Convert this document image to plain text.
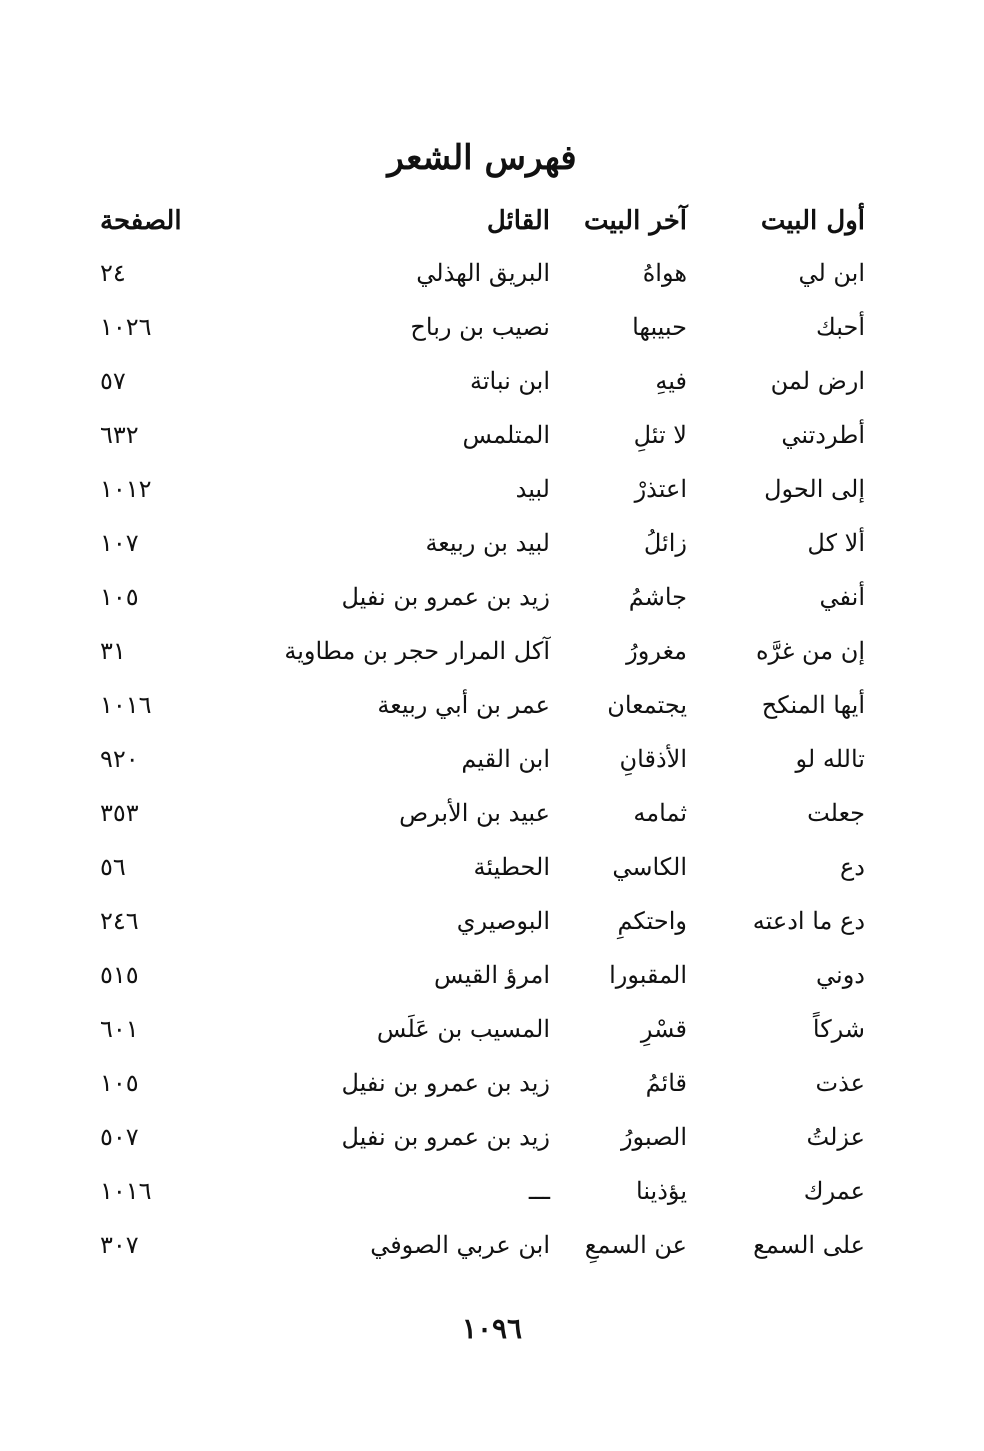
فهرس الشعر
أول البيت
آخر البيت
القائل
الصفحة
ابن لي
هواهُ
البريق الهذلي
٢٤
أحبك
حبيبها
نصيب بن رباح
١٠٢٦
ارض لمن
فيهِ
ابن نباتة
٥٧
أطردتني
لا تئلِ
المتلمس
٦٣٢
إلى الحول
اعتذرْ
لبيد
١٠١٢
ألا كل
زائلُ
لبيد بن ربيعة
١٠٧
أنفي
جاشمُ
زيد بن عمرو بن نفيل
١٠٥
إن من غرَّه
مغرورُ
آكل المرار حجر بن مطاوية
٣١
أيها المنكح
يجتمعان
عمر بن أبي ربيعة
١٠١٦
تالله لو
الأذقانِ
ابن القيم
٩٢٠
جعلت
ثمامه
عبيد بن الأبرص
٣٥٣
دع
الكاسي
الحطيئة
٥٦
دع ما ادعته
واحتكمِ
البوصيري
٢٤٦
دوني
المقبورا
امرؤ القيس
٥١٥
شركاً
قسْرِ
المسيب بن عَلَس
٦٠١
عذت
قائمُ
زيد بن عمرو بن نفيل
١٠٥
عزلتُ
الصبورُ
زيد بن عمرو بن نفيل
٥٠٧
عمرك
يؤذينا
ـــ
١٠١٦
على السمع
عن السمعِ
ابن عربي الصوفي
٣٠٧
١٠٩٦
